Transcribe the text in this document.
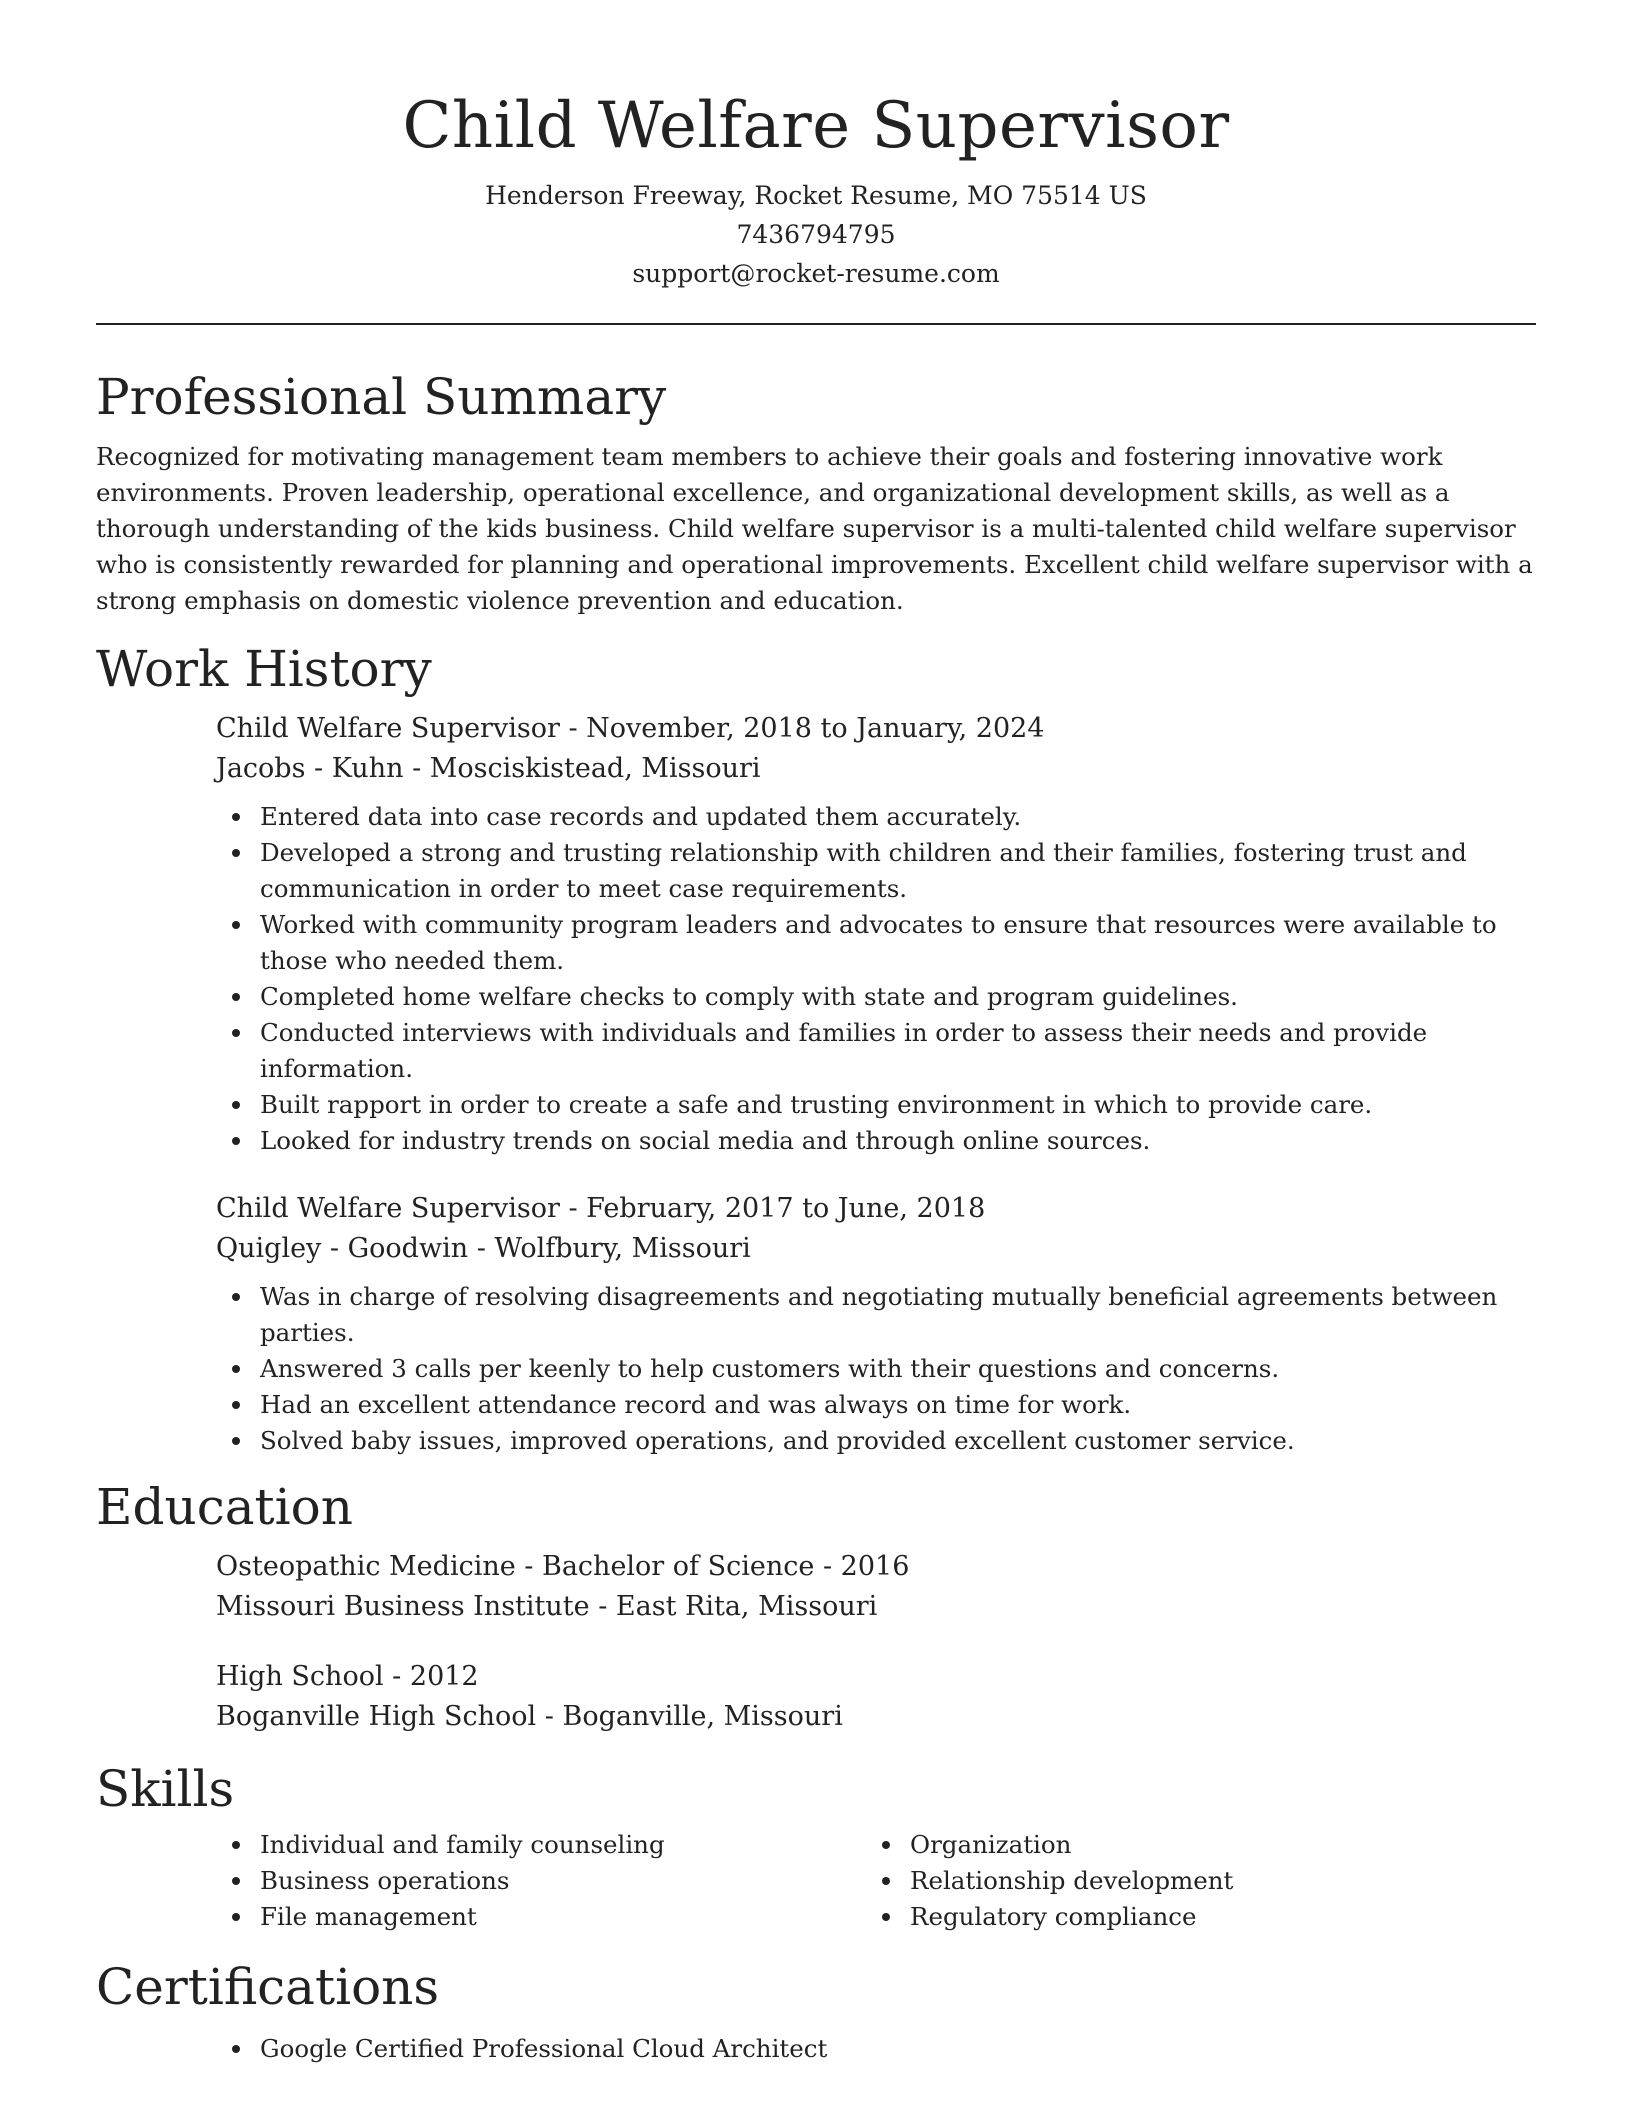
Child Welfare Supervisor

Henderson Freeway, Rocket Resume, MO 75514 US

7436794795

support@rocket-resume.com

Professional Summary

Recognized for motivating management team members to achieve their goals and fostering innovative work environments. Proven leadership, operational excellence, and organizational development skills, as well as a thorough understanding of the kids business. Child welfare supervisor is a multi-talented child welfare supervisor who is consistently rewarded for planning and operational improvements. Excellent child welfare supervisor with a strong emphasis on domestic violence prevention and education.

Work History

Child Welfare Supervisor - November, 2018 to January, 2024

Jacobs - Kuhn - Mosciskistead, Missouri

Entered data into case records and updated them accurately.
Developed a strong and trusting relationship with children and their families, fostering trust and communication in order to meet case requirements.
Worked with community program leaders and advocates to ensure that resources were available to those who needed them.
Completed home welfare checks to comply with state and program guidelines.
Conducted interviews with individuals and families in order to assess their needs and provide information.
Built rapport in order to create a safe and trusting environment in which to provide care.
Looked for industry trends on social media and through online sources.

Child Welfare Supervisor - February, 2017 to June, 2018

Quigley - Goodwin - Wolfbury, Missouri

Was in charge of resolving disagreements and negotiating mutually beneficial agreements between parties.
Answered 3 calls per keenly to help customers with their questions and concerns.
Had an excellent attendance record and was always on time for work.
Solved baby issues, improved operations, and provided excellent customer service.
Education

Osteopathic Medicine - Bachelor of Science - 2016

Missouri Business Institute - East Rita, Missouri

High School - 2012

Boganville High School - Boganville, Missouri

Skills
Individual and family counseling
Business operations
File management
Organization
Relationship development
Regulatory compliance
Certifications
Google Certified Professional Cloud Architect
